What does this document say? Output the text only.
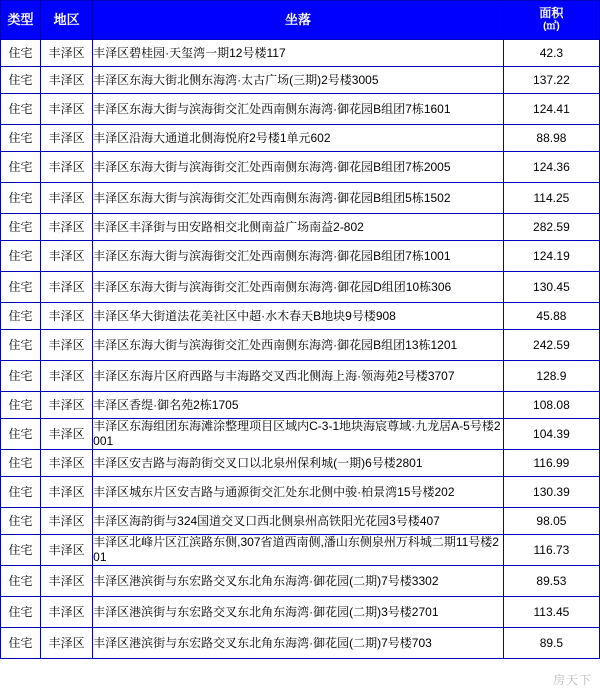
类型	地区	坐落	面积
(㎡)

住宅	丰泽区	丰泽区碧桂园·天玺湾一期12号楼117	42.3
住宅	丰泽区	丰泽区东海大街北侧东海湾·太古广场(三期)2号楼3005	137.22
住宅	丰泽区	丰泽区东海大街与滨海街交汇处西南侧东海湾·御花园B组团7栋1601	124.41
住宅	丰泽区	丰泽区沿海大通道北侧海悦府2号楼1单元602	88.98
住宅	丰泽区	丰泽区东海大街与滨海街交汇处西南侧东海湾·御花园B组团7栋2005	124.36
住宅	丰泽区	丰泽区东海大街与滨海街交汇处西南侧东海湾·御花园B组团5栋1502	114.25
住宅	丰泽区	丰泽区丰泽街与田安路相交北侧南益广场南益2-802	282.59
住宅	丰泽区	丰泽区东海大街与滨海街交汇处西南侧东海湾·御花园B组团7栋1001	124.19
住宅	丰泽区	丰泽区东海大街与滨海街交汇处西南侧东海湾·御花园D组团10栋306	130.45
住宅	丰泽区	丰泽区华大街道法花美社区中超·水木春天B地块9号楼908	45.88
住宅	丰泽区	丰泽区东海大街与滨海街交汇处西南侧东海湾·御花园B组团13栋1201	242.59
住宅	丰泽区	丰泽区东海片区府西路与丰海路交叉西北侧海上海·领海苑2号楼3707	128.9
住宅	丰泽区	丰泽区香缇·御名苑2栋1705	108.08
住宅	丰泽区	丰泽区东海组团东海滩涂整理项目区域内C-3-1地块海宸尊域·九龙居A-5号楼2001	104.39
住宅	丰泽区	丰泽区安吉路与海韵街交叉口以北泉州保利城(一期)6号楼2801	116.99
住宅	丰泽区	丰泽区城东片区安吉路与通源街交汇处东北侧中骏·柏景湾15号楼202	130.39
住宅	丰泽区	丰泽区海韵街与324国道交叉口西北侧泉州高铁阳光花园3号楼407	98.05
住宅	丰泽区	丰泽区北峰片区江滨路东侧,307省道西南侧,潘山东侧泉州万科城二期11号楼201	116.73
住宅	丰泽区	丰泽区港滨街与东宏路交叉东北角东海湾·御花园(二期)7号楼3302	89.53
住宅	丰泽区	丰泽区港滨街与东宏路交叉东北角东海湾·御花园(二期)3号楼2701	113.45
住宅	丰泽区	丰泽区港滨街与东宏路交叉东北角东海湾·御花园(二期)7号楼703	89.5
房天下
